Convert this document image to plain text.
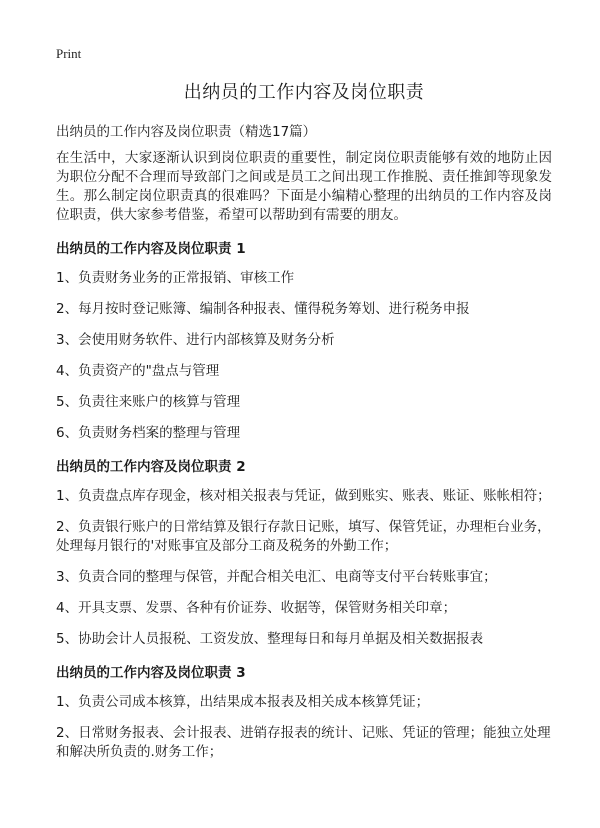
Print
出纳员的工作内容及岗位职责

出纳员的工作内容及岗位职责（精选17篇）

在生活中，大家逐渐认识到岗位职责的重要性，制定岗位职责能够有效的地防止因为职位分配不合理而导致部门之间或是员工之间出现工作推脱、责任推卸等现象发生。那么制定岗位职责真的很难吗？下面是小编精心整理的出纳员的工作内容及岗位职责，供大家参考借鉴，希望可以帮助到有需要的朋友。

出纳员的工作内容及岗位职责 1

1、负责财务业务的正常报销、审核工作

2、每月按时登记账簿、编制各种报表、懂得税务筹划、进行税务申报

3、会使用财务软件、进行内部核算及财务分析

4、负责资产的"盘点与管理

5、负责往来账户的核算与管理

6、负责财务档案的整理与管理

出纳员的工作内容及岗位职责 2

1、负责盘点库存现金，核对相关报表与凭证，做到账实、账表、账证、账帐相符；

2、负责银行账户的日常结算及银行存款日记账，填写、保管凭证，办理柜台业务，处理每月银行的'对账事宜及部分工商及税务的外勤工作；

3、负责合同的整理与保管，并配合相关电汇、电商等支付平台转账事宜；

4、开具支票、发票、各种有价证券、收据等，保管财务相关印章；

5、协助会计人员报税、工资发放、整理每日和每月单据及相关数据报表

出纳员的工作内容及岗位职责 3

1、负责公司成本核算，出结果成本报表及相关成本核算凭证；

2、日常财务报表、会计报表、进销存报表的统计、记账、凭证的管理；能独立处理和解决所负责的.财务工作；
